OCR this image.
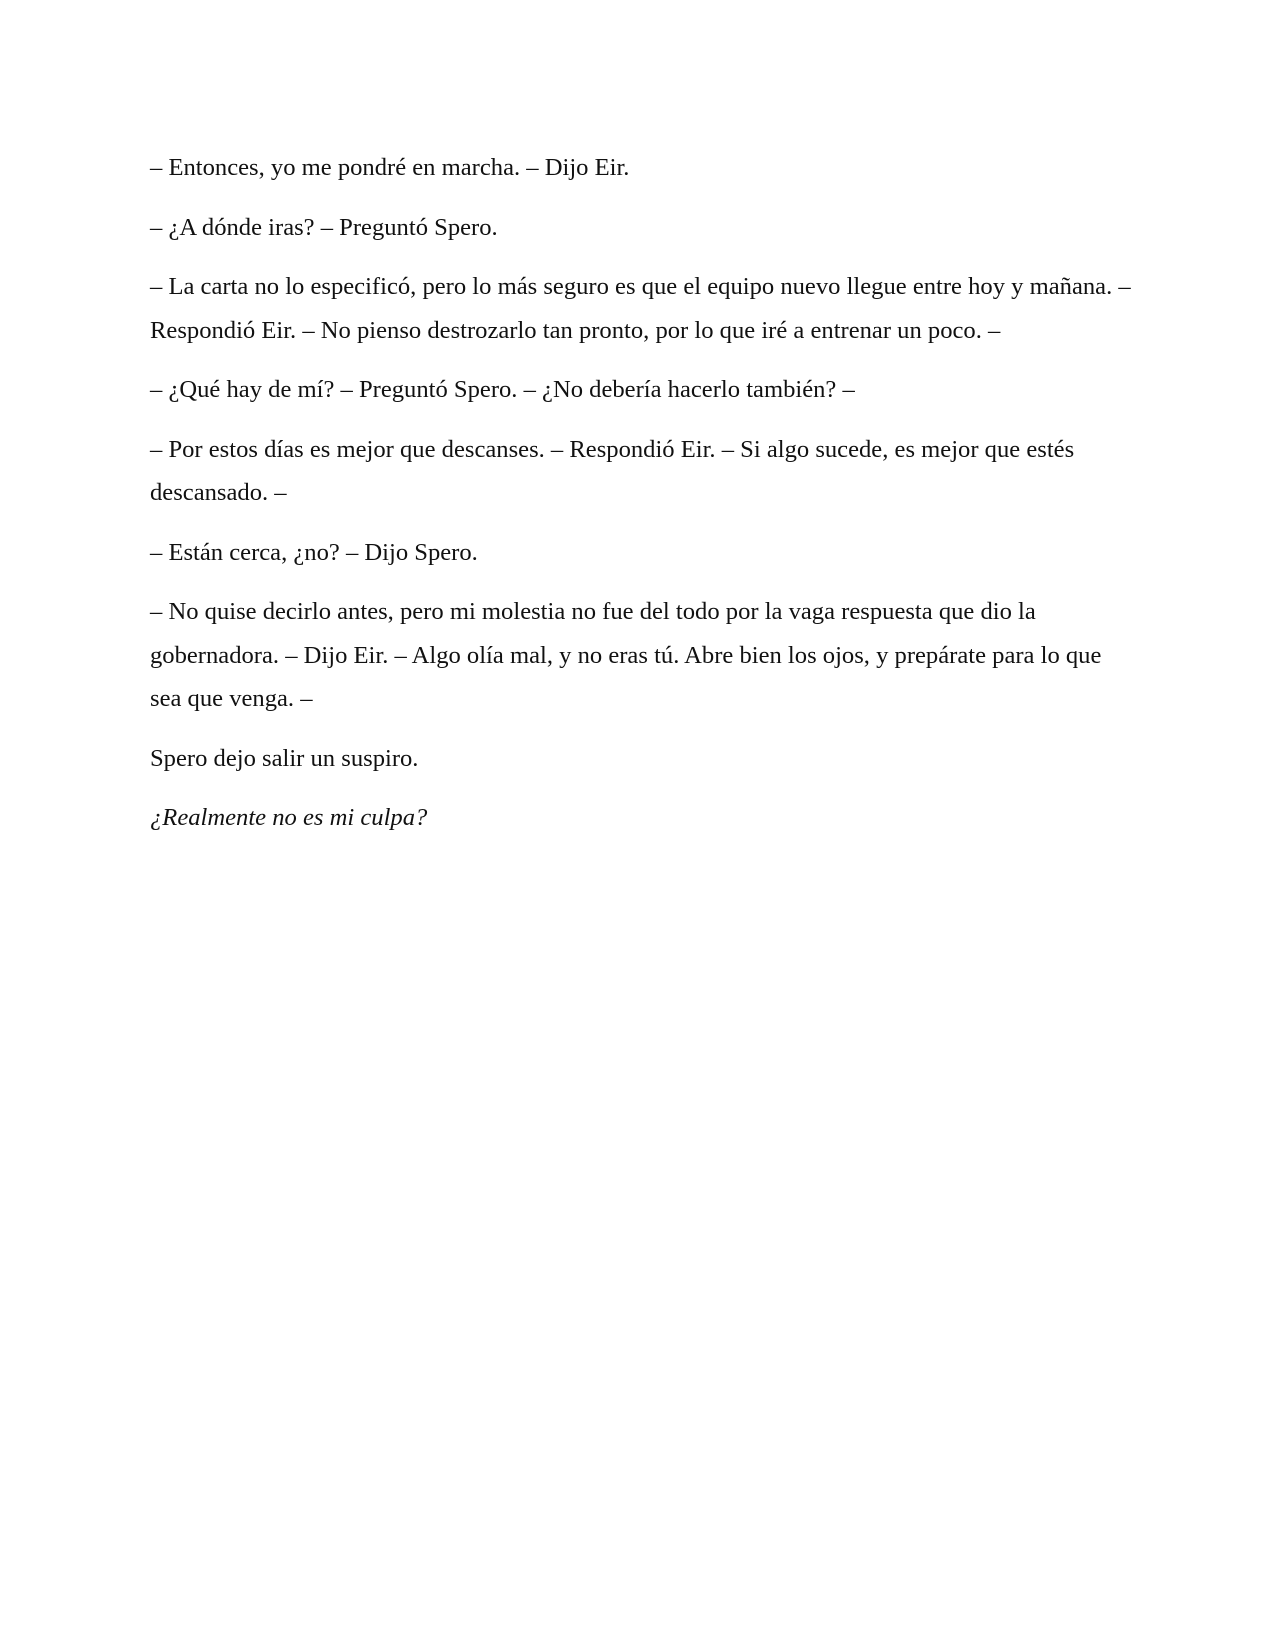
– Entonces, yo me pondré en marcha. – Dijo Eir.

– ¿A dónde iras? – Preguntó Spero.

– La carta no lo especificó, pero lo más seguro es que el equipo nuevo llegue entre hoy y mañana. – Respondió Eir. – No pienso destrozarlo tan pronto, por lo que iré a entrenar un poco. –

– ¿Qué hay de mí? – Preguntó Spero. – ¿No debería hacerlo también? –

– Por estos días es mejor que descanses. – Respondió Eir. – Si algo sucede, es mejor que estés descansado. –

– Están cerca, ¿no? – Dijo Spero.

– No quise decirlo antes, pero mi molestia no fue del todo por la vaga respuesta que dio la gobernadora. – Dijo Eir. – Algo olía mal, y no eras tú. Abre bien los ojos, y prepárate para lo que sea que venga. –

Spero dejo salir un suspiro.

¿Realmente no es mi culpa?
